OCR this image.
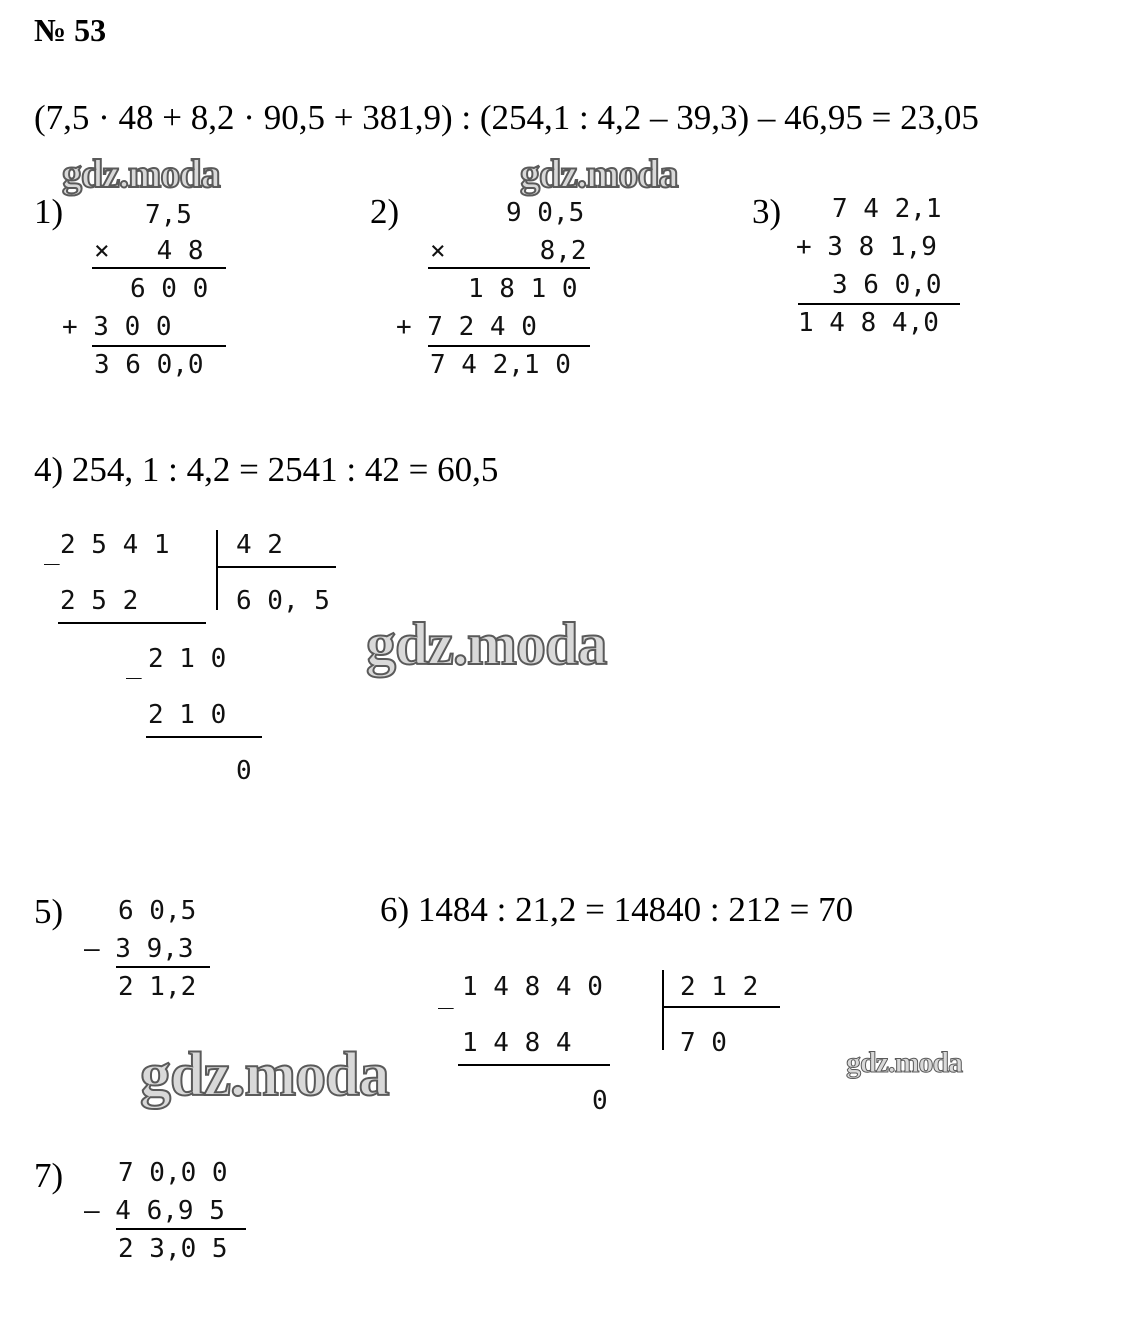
№ 53
(7,5 · 48 + 8,2 · 90,5 + 381,9) : (254,1 : 4,2 – 39,3) – 46,95 = 23,05
gdz.moda	gdz.moda
gdz.moda
gdz.moda	gdz.moda
1)	7,5
×   4 8
6 0 0
+ 3 0 0
3 6 0,0
2)	9 0,5
×      8,2
1 8 1 0
+ 7 2 4 0
7 4 2,1 0
3) 7 4 2,1
+ 3 8 1,9
3 6 0,0
1 4 8 4,0
4) 254, 1 : 4,2 = 2541 : 42 = 60,5
_ 2 5 4 1	4 2
2 5 2	6 0, 5
_ 2 1 0
2 1 0
0
5) 6 0,5
– 3 9,3
2 1,2
6) 1484 : 21,2 = 14840 : 212 = 70
_ 1 4 8 4 0	2 1 2
1 4 8 4	7 0
0
7) 7 0,0 0
– 4 6,9 5
2 3,0 5
